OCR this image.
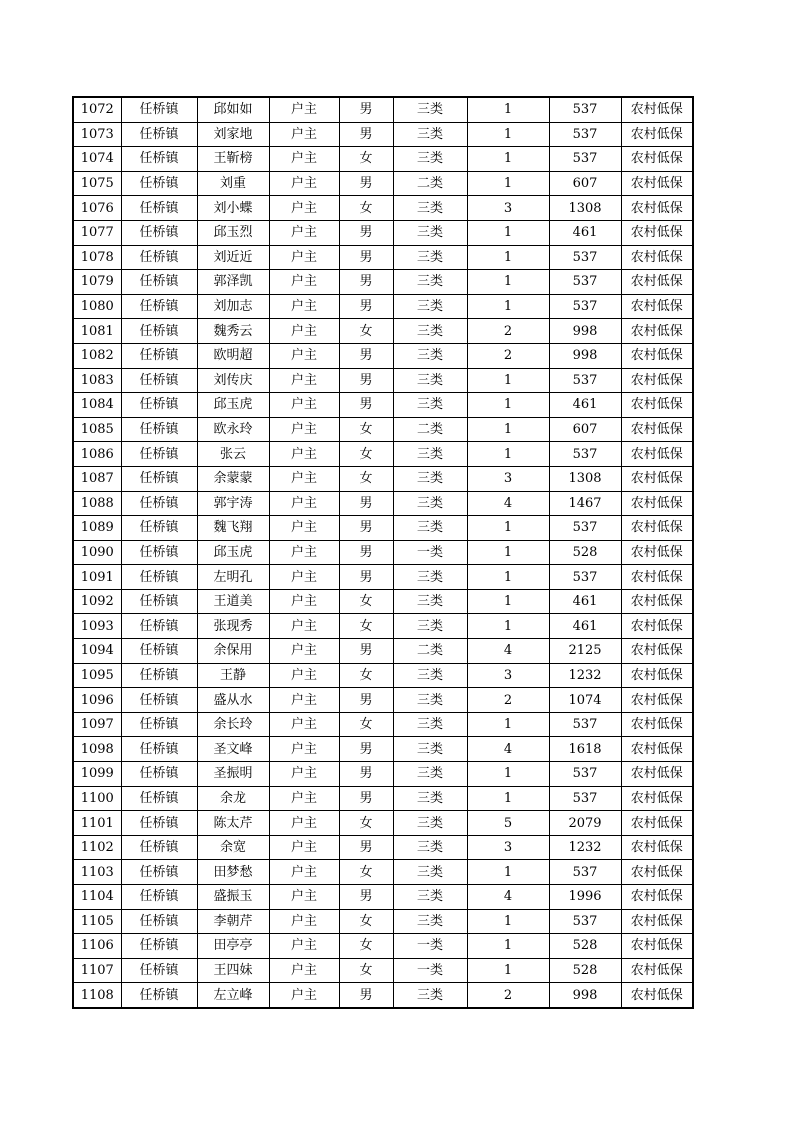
1072	任桥镇	邱如如	户主	男	三类	1	537	农村低保
1073	任桥镇	刘家地	户主	男	三类	1	537	农村低保
1074	任桥镇	王靳榜	户主	女	三类	1	537	农村低保
1075	任桥镇	刘重	户主	男	二类	1	607	农村低保
1076	任桥镇	刘小蝶	户主	女	三类	3	1308	农村低保
1077	任桥镇	邱玉烈	户主	男	三类	1	461	农村低保
1078	任桥镇	刘近近	户主	男	三类	1	537	农村低保
1079	任桥镇	郭泽凯	户主	男	三类	1	537	农村低保
1080	任桥镇	刘加志	户主	男	三类	1	537	农村低保
1081	任桥镇	魏秀云	户主	女	三类	2	998	农村低保
1082	任桥镇	欧明超	户主	男	三类	2	998	农村低保
1083	任桥镇	刘传庆	户主	男	三类	1	537	农村低保
1084	任桥镇	邱玉虎	户主	男	三类	1	461	农村低保
1085	任桥镇	欧永玲	户主	女	二类	1	607	农村低保
1086	任桥镇	张云	户主	女	三类	1	537	农村低保
1087	任桥镇	余蒙蒙	户主	女	三类	3	1308	农村低保
1088	任桥镇	郭宇涛	户主	男	三类	4	1467	农村低保
1089	任桥镇	魏飞翔	户主	男	三类	1	537	农村低保
1090	任桥镇	邱玉虎	户主	男	一类	1	528	农村低保
1091	任桥镇	左明孔	户主	男	三类	1	537	农村低保
1092	任桥镇	王道美	户主	女	三类	1	461	农村低保
1093	任桥镇	张现秀	户主	女	三类	1	461	农村低保
1094	任桥镇	余保用	户主	男	二类	4	2125	农村低保
1095	任桥镇	王静	户主	女	三类	3	1232	农村低保
1096	任桥镇	盛从水	户主	男	三类	2	1074	农村低保
1097	任桥镇	余长玲	户主	女	三类	1	537	农村低保
1098	任桥镇	圣文峰	户主	男	三类	4	1618	农村低保
1099	任桥镇	圣振明	户主	男	三类	1	537	农村低保
1100	任桥镇	余龙	户主	男	三类	1	537	农村低保
1101	任桥镇	陈太芹	户主	女	三类	5	2079	农村低保
1102	任桥镇	余宽	户主	男	三类	3	1232	农村低保
1103	任桥镇	田梦愁	户主	女	三类	1	537	农村低保
1104	任桥镇	盛振玉	户主	男	三类	4	1996	农村低保
1105	任桥镇	李朝芹	户主	女	三类	1	537	农村低保
1106	任桥镇	田亭亭	户主	女	一类	1	528	农村低保
1107	任桥镇	王四妹	户主	女	一类	1	528	农村低保
1108	任桥镇	左立峰	户主	男	三类	2	998	农村低保
